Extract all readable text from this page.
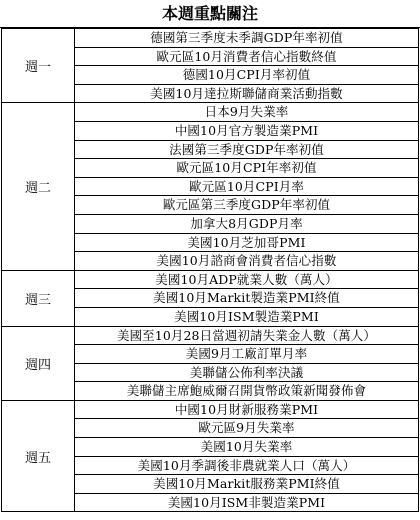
本週重點關注
週一	德國第三季度未季調GDP年率初值
	歐元區10月消費者信心指數終值
	德國10月CPI月率初值
	美國10月達拉斯聯儲商業活動指數
週二	日本9月失業率
	中國10月官方製造業PMI
	法國第三季度GDP年率初值
	歐元區10月CPI年率初值
	歐元區10月CPI月率
	歐元區第三季度GDP年率初值
	加拿大8月GDP月率
	美國10月芝加哥PMI
	美國10月諮商會消費者信心指數
週三	美國10月ADP就業人數（萬人）
	美國10月Markit製造業PMI終值
	美國10月ISM製造業PMI
週四	美國至10月28日當週初請失業金人數（萬人）
	美國9月工廠訂單月率
	美聯儲公佈利率決議
	美聯儲主席鮑威爾召開貨幣政策新聞發佈會
週五	中國10月財新服務業PMI
	歐元區9月失業率
	美國10月失業率
	美國10月季調後非農就業人口（萬人）
	美國10月Markit服務業PMI終值
	美國10月ISM非製造業PMI
